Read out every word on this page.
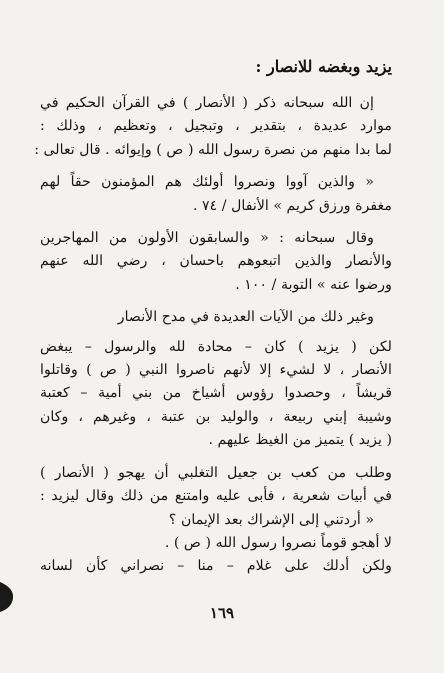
يزيد وبغضه للانصار :
إن الله سبحانه ذكر ( الأنصار ) في القرآن الحكيم في
موارد عديدة ، بتقدير ، وتبجيل ، وتعظيم ، وذلك :
لما بدا منهم من نصرة رسول الله ( ص ) وإيوائه . قال تعالى :
« والذين آووا ونصروا أولئك هم المؤمنون حقاً لهم
مغفرة ورزق كريم » الأنفال / ٧٤ .
وقال سبحانه : « والسابقون الأولون من المهاجرين
والأنصار والذين اتبعوهم باحسان ، رضي الله عنهم
ورضوا عنه » التوبة / ١٠٠ .
وغير ذلك من الآيات العديدة في مدح الأنصار
لكن ( يزيد ) كان – محادة لله والرسول – يبغض
الأنصار ، لا لشيء إلا لأنهم ناصروا النبي ( ص ) وقاتلوا
قريشاً ، وحصدوا رؤوس أشياخ من بني أمية – كعتبة
وشيبة إبني ربيعة ، والوليد بن عتبة ، وغيرهم ، وكان
( يزيد ) يتميز من الغيظ عليهم .
وطلب من كعب بن جعيل التغلبي أن يهجو ( الأنصار )
في أبيات شعرية ، فأبى عليه وامتنع من ذلك وقال ليزيد :
« أردتني إلى الإشراك بعد الإيمان ؟
لا أهجو قوماً نصروا رسول الله ( ص ) .
ولكن أدلك على غلام – منا – نصراني كأن لسانه
١٦٩
